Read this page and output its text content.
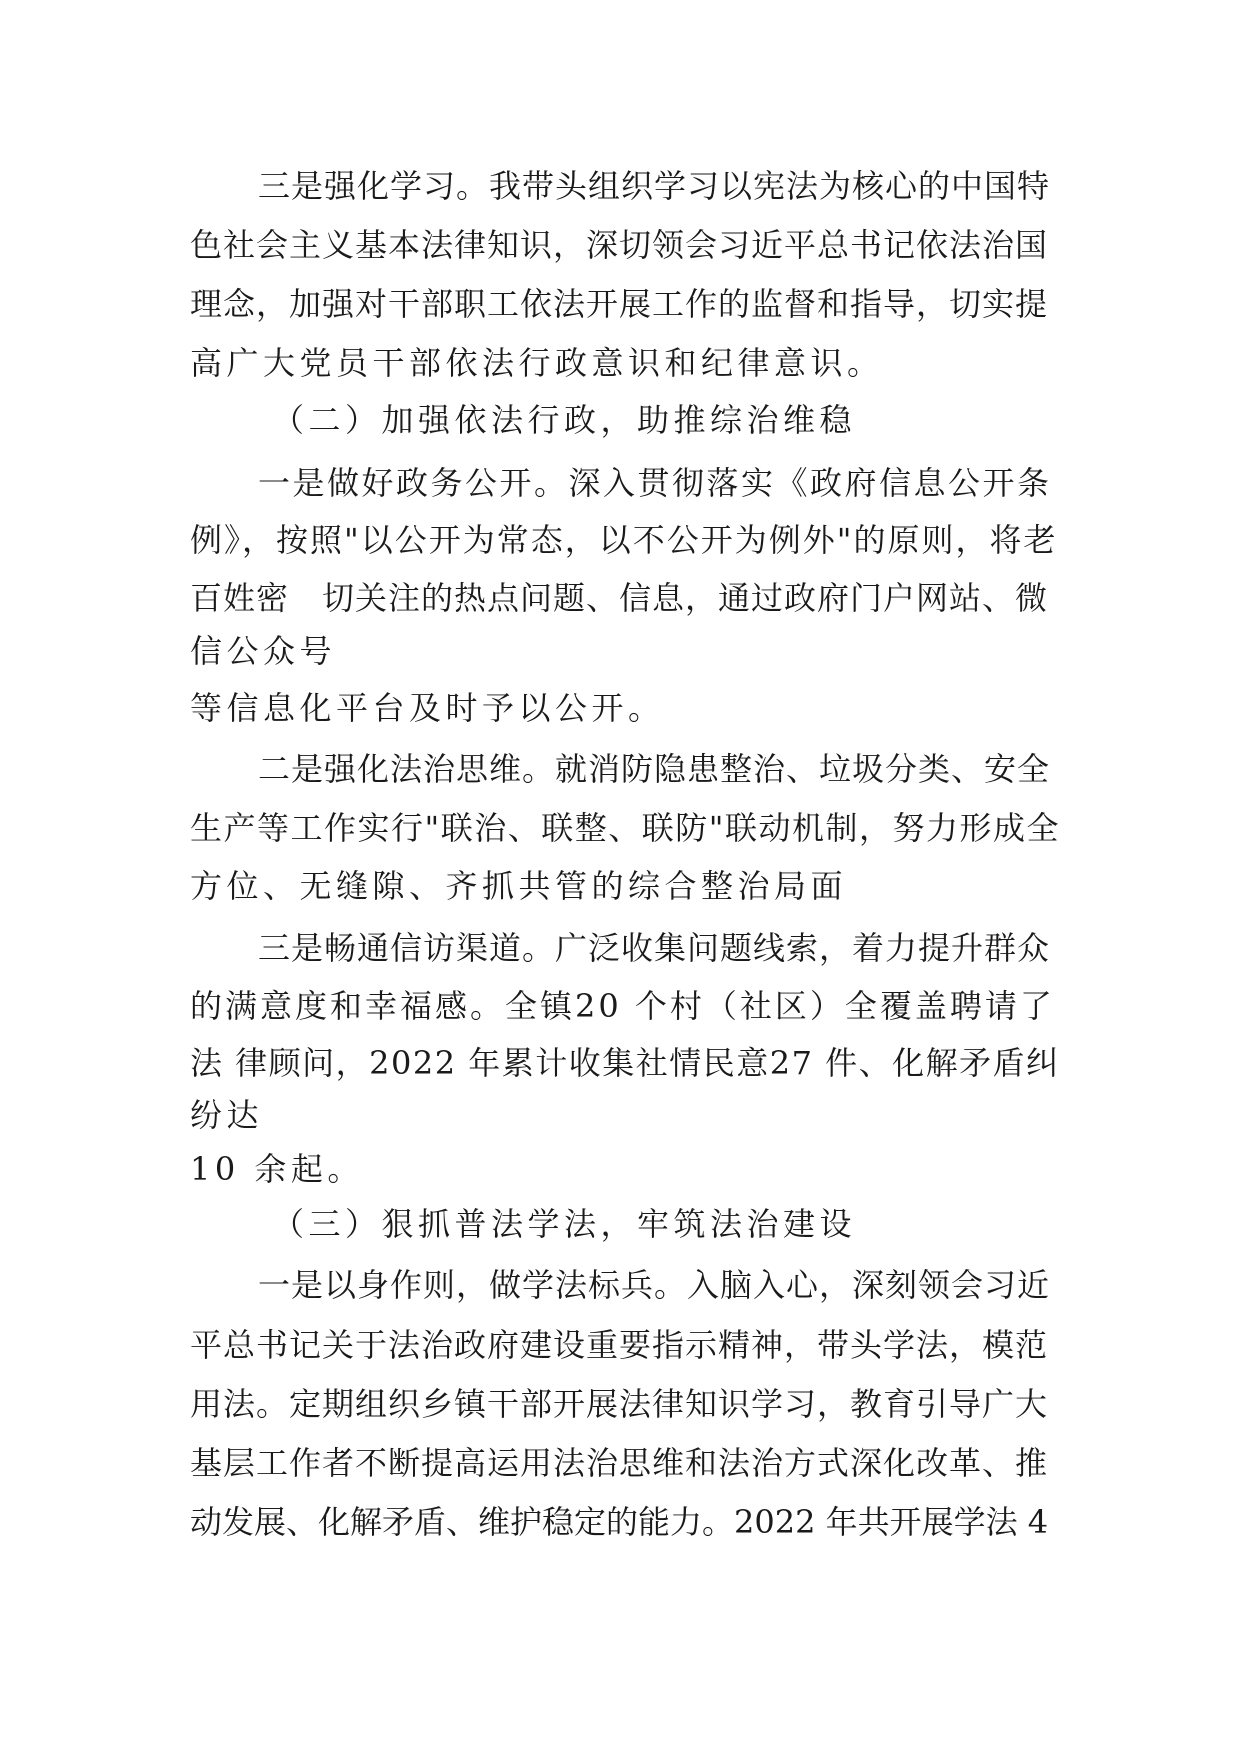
三是强化学习。我带头组织学习以宪法为核心的中国特
色社会主义基本法律知识，深切领会习近平总书记依法治国
理念，加强对干部职工依法开展工作的监督和指导，切实提
高广大党员干部依法行政意识和纪律意识。
（二）加强依法行政，助推综治维稳
一是做好政务公开。深入贯彻落实《政府信息公开条
例》，按照"以公开为常态，以不公开为例外"的原则，将老
百姓密　切关注的热点问题、信息，通过政府门户网站、微
信公众号
等信息化平台及时予以公开。
二是强化法治思维。就消防隐患整治、垃圾分类、安全
生产等工作实行"联治、联整、联防"联动机制，努力形成全
方位、无缝隙、齐抓共管的综合整治局面
三是畅通信访渠道。广泛收集问题线索，着力提升群众
的满意度和幸福感。全镇20 个村（社区）全覆盖聘请了
法 律顾问，2022 年累计收集社情民意27 件、化解矛盾纠
纷达
10 余起。
（三）狠抓普法学法，牢筑法治建设
一是以身作则，做学法标兵。入脑入心，深刻领会习近
平总书记关于法治政府建设重要指示精神，带头学法，模范
用法。定期组织乡镇干部开展法律知识学习，教育引导广大
基层工作者不断提高运用法治思维和法治方式深化改革、推
动发展、化解矛盾、维护稳定的能力。2022 年共开展学法 4
